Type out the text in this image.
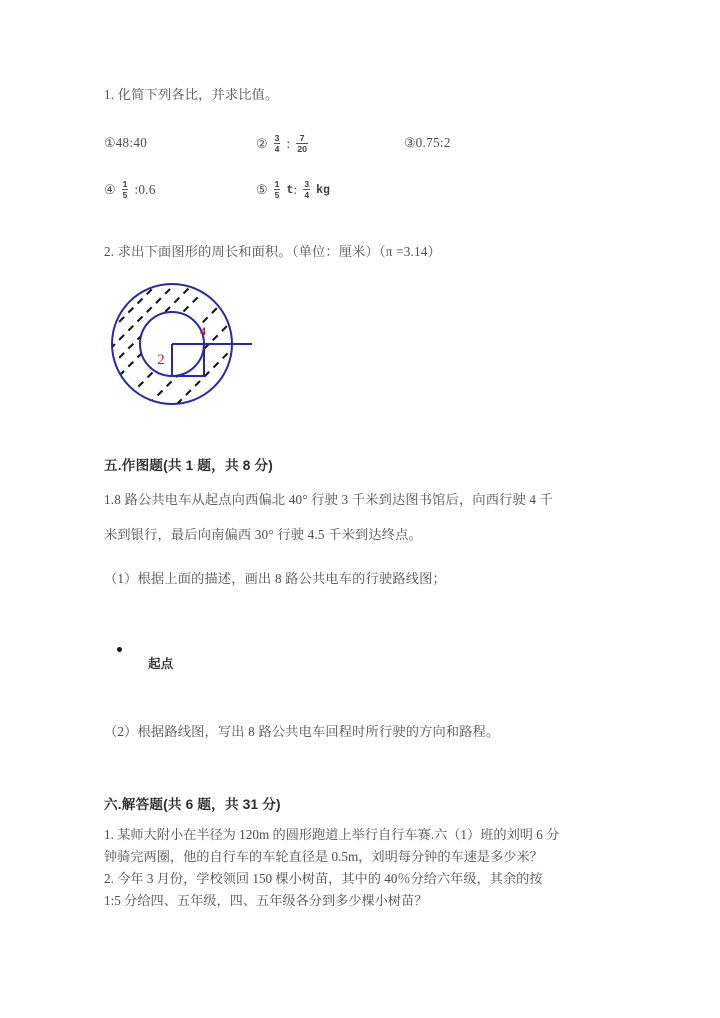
1. 化简下列各比，并求比值。
①48:40	② $\frac{3}{4}$ : $\frac{7}{20}$	③0.75:2
④ $\frac{1}{5}$ :0.6	⑤ $\frac{1}{5} t$: $\frac{3}{4}$ kg
2. 求出下面图形的周长和面积。（单位：厘米）（π =3.14）
2
4
五.作图题(共 1 题，共 8 分)
1.8 路公共电车从起点向西偏北 40° 行驶 3 千米到达图书馆后，向西行驶 4 千
米到银行，最后向南偏西 30° 行驶 4.5 千米到达终点。
（1）根据上面的描述，画出 8 路公共电车的行驶路线图；
起点
（2）根据路线图，写出 8 路公共电车回程时所行驶的方向和路程。
六.解答题(共 6 题，共 31 分)
1. 某师大附小在半径为 120m 的圆形跑道上举行自行车赛.六（1）班的刘明 6 分
钟骑完两圈，他的自行车的车轮直径是 0.5m，刘明每分钟的车速是多少米？
2. 今年 3 月份，学校领回 150 棵小树苗，其中的 40％分给六年级，其余的按
1:5 分给四、五年级，四、五年级各分到多少棵小树苗？
